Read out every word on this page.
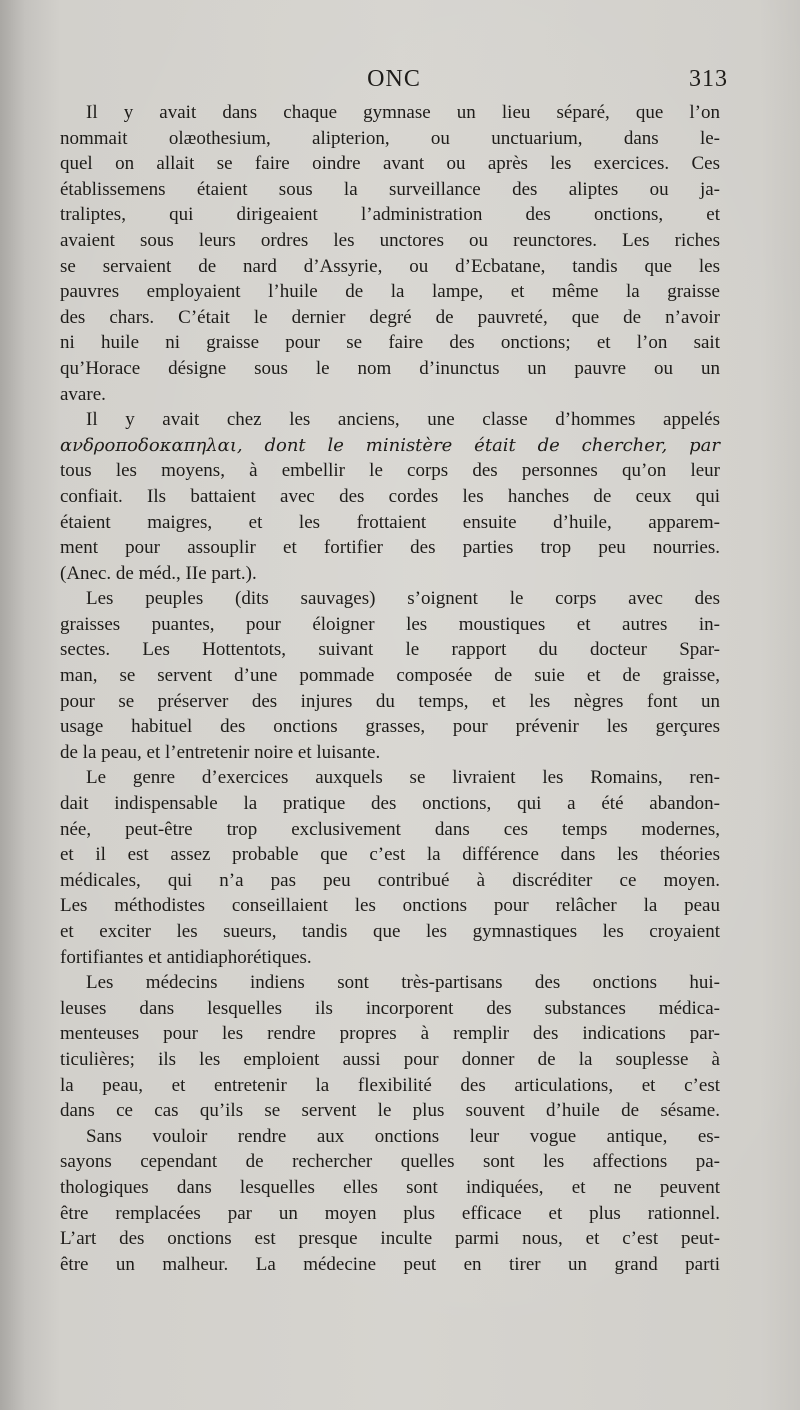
ONC	313
Il y avait dans chaque gymnase un lieu séparé, que l’on
nommait olæothesium, alipterion, ou unctuarium, dans le-
quel on allait se faire oindre avant ou après les exercices. Ces
établissemens étaient sous la surveillance des aliptes ou ja-
traliptes, qui dirigeaient l’administration des onctions, et
avaient sous leurs ordres les unctores ou reunctores. Les riches
se servaient de nard d’Assyrie, ou d’Ecbatane, tandis que les
pauvres employaient l’huile de la lampe, et même la graisse
des chars. C’était le dernier degré de pauvreté, que de n’avoir
ni huile ni graisse pour se faire des onctions; et l’on sait
qu’Horace désigne sous le nom d’inunctus un pauvre ou un
avare.
Il y avait chez les anciens, une classe d’hommes appelés
ανδροποδοκαπηλαι, dont le ministère était de chercher, par
tous les moyens, à embellir le corps des personnes qu’on leur
confiait. Ils battaient avec des cordes les hanches de ceux qui
étaient maigres, et les frottaient ensuite d’huile, apparem-
ment pour assouplir et fortifier des parties trop peu nourries.
(Anec. de méd., IIe part.).
Les peuples (dits sauvages) s’oignent le corps avec des
graisses puantes, pour éloigner les moustiques et autres in-
sectes. Les Hottentots, suivant le rapport du docteur Spar-
man, se servent d’une pommade composée de suie et de graisse,
pour se préserver des injures du temps, et les nègres font un
usage habituel des onctions grasses, pour prévenir les gerçures
de la peau, et l’entretenir noire et luisante.
Le genre d’exercices auxquels se livraient les Romains, ren-
dait indispensable la pratique des onctions, qui a été abandon-
née, peut-être trop exclusivement dans ces temps modernes,
et il est assez probable que c’est la différence dans les théories
médicales, qui n’a pas peu contribué à discréditer ce moyen.
Les méthodistes conseillaient les onctions pour relâcher la peau
et exciter les sueurs, tandis que les gymnastiques les croyaient
fortifiantes et antidiaphorétiques.
Les médecins indiens sont très-partisans des onctions hui-
leuses dans lesquelles ils incorporent des substances médica-
menteuses pour les rendre propres à remplir des indications par-
ticulières; ils les emploient aussi pour donner de la souplesse à
la peau, et entretenir la flexibilité des articulations, et c’est
dans ce cas qu’ils se servent le plus souvent d’huile de sésame.
Sans vouloir rendre aux onctions leur vogue antique, es-
sayons cependant de rechercher quelles sont les affections pa-
thologiques dans lesquelles elles sont indiquées, et ne peuvent
être remplacées par un moyen plus efficace et plus rationnel.
L’art des onctions est presque inculte parmi nous, et c’est peut-
être un malheur. La médecine peut en tirer un grand parti
